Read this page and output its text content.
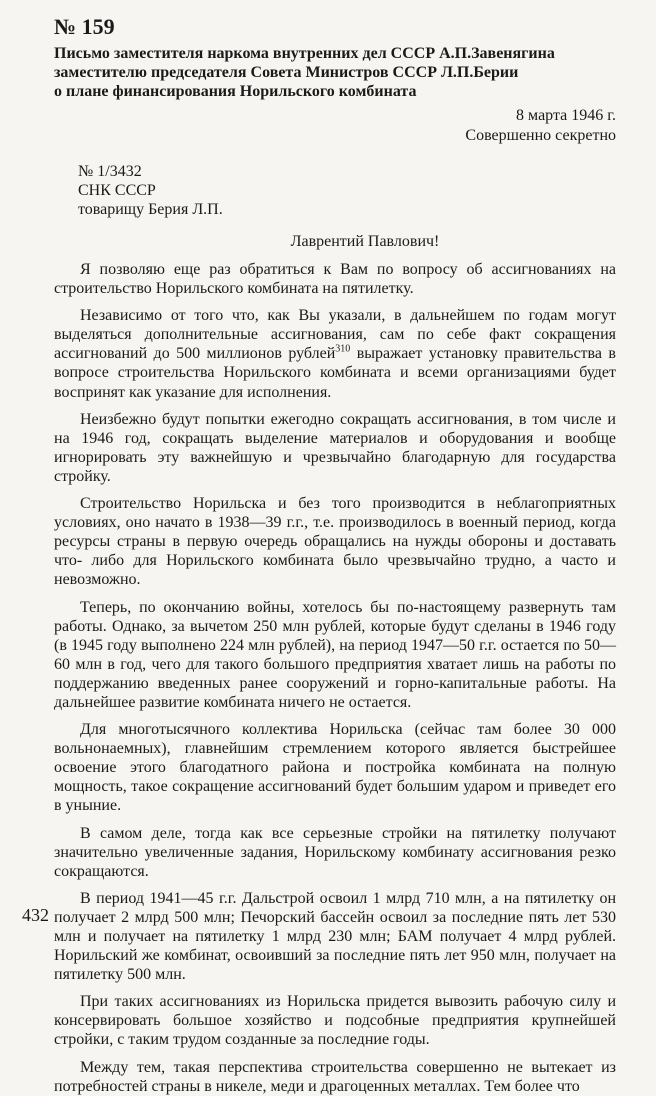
№ 159
Письмо заместителя наркома внутренних дел СССР А.П.Завенягина
заместителю председателя Совета Министров СССР Л.П.Берии
о плане финансирования Норильского комбината
8 марта 1946 г.
Совершенно секретно
№ 1/3432
СНК СССР
товарищу Берия Л.П.
Лаврентий Павлович!

Я позволяю еще раз обратиться к Вам по вопросу об ассигнованиях на строительство Норильского комбината на пятилетку.

Независимо от того что, как Вы указали, в дальнейшем по годам могут выделяться дополнительные ассигнования, сам по себе факт сокращения ассигнований до 500 миллионов рублей$^{310}$ выражает установку правительства в вопросе строительства Норильского комбината и всеми организациями будет воспринят как указание для исполнения.

Неизбежно будут попытки ежегодно сокращать ассигнования, в том числе и на 1946 год, сокращать выделение материалов и оборудования и вообще игнорировать эту важнейшую и чрезвычайно благодарную для государства стройку.

Строительство Норильска и без того производится в неблагоприятных условиях, оно начато в 1938—39 г.г., т.е. производилось в военный период, когда ресурсы страны в первую очередь обращались на нужды обороны и доставать что- либо для Норильского комбината было чрезвычайно трудно, а часто и невозможно.

Теперь, по окончанию войны, хотелось бы по-настоящему развернуть там работы. Однако, за вычетом 250 млн рублей, которые будут сделаны в 1946 году (в 1945 году выполнено 224 млн рублей), на период 1947—50 г.г. остается по 50—60 млн в год, чего для такого большого предприятия хватает лишь на работы по поддержанию введенных ранее сооружений и горно-капитальные работы. На дальнейшее развитие комбината ничего не остается.

Для многотысячного коллектива Норильска (сейчас там более 30 000 вольнонаемных), главнейшим стремлением которого является быстрейшее освоение этого благодатного района и постройка комбината на полную мощность, такое сокращение ассигнований будет большим ударом и приведет его в уныние.

В самом деле, тогда как все серьезные стройки на пятилетку получают значительно увеличенные задания, Норильскому комбинату ассигнования резко сокращаются.

В период 1941—45 г.г. Дальстрой освоил 1 млрд 710 млн, а на пятилетку он получает 2 млрд 500 млн; Печорский бассейн освоил за последние пять лет 530 млн и получает на пятилетку 1 млрд 230 млн; БАМ получает 4 млрд рублей. Норильский же комбинат, освоивший за последние пять лет 950 млн, получает на пятилетку 500 млн.

При таких ассигнованиях из Норильска придется вывозить рабочую силу и консервировать большое хозяйство и подсобные предприятия крупнейшей стройки, с таким трудом созданные за последние годы.

Между тем, такая перспектива строительства совершенно не вытекает из потребностей страны в никеле, меди и драгоценных металлах. Тем более что

432
